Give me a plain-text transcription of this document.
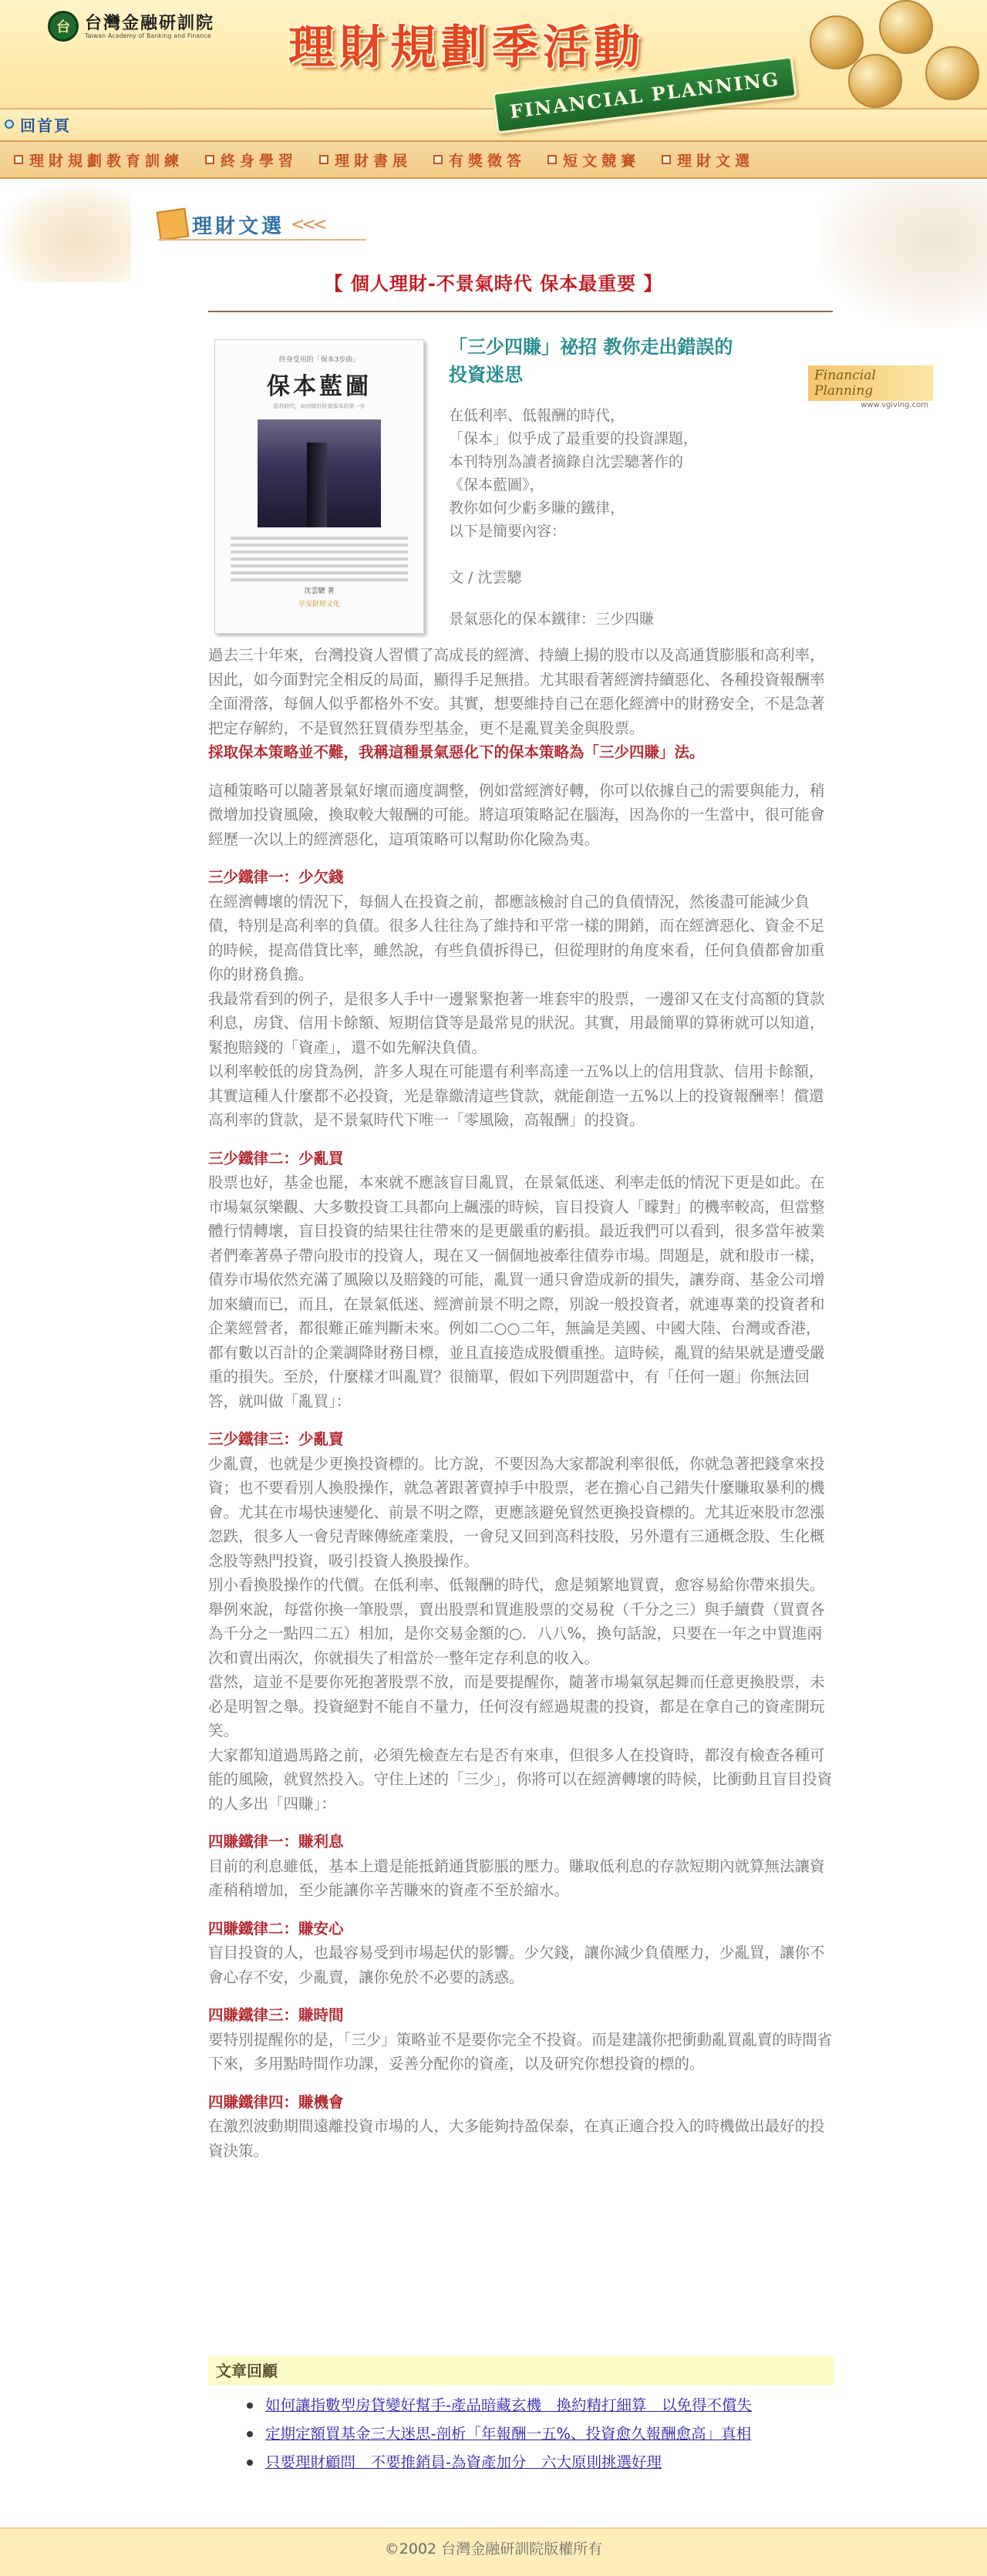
台 台灣金融研訓院
Taiwan Academy of Banking and Finance 理財規劃季活動
FINANCIAL PLANNING
回首頁
理財規劃教育訓練	終身學習	理財書展	有獎徵答	短文競賽	理財文選
Financial Planning
www.vgiving.com
理財文選 <<<
【 個人理財-不景氣時代 保本最重要 】
終身受用的「保本3步曲」
保本藍圖
低利時代，如何做好財富保本的第一步
沈雲驄 著
早安財經文化
「三少四賺」祕招 教你走出錯誤的
投資迷思
在低利率、低報酬的時代，
「保本」似乎成了最重要的投資課題，
本刊特別為讀者摘錄自沈雲驄著作的
《保本藍圖》，
教你如何少虧多賺的鐵律，
以下是簡要內容：
文 / 沈雲驄
景氣惡化的保本鐵律：三少四賺

過去三十年來，台灣投資人習慣了高成長的經濟、持續上揚的股市以及高通貨膨脹和高利率，因此，如今面對完全相反的局面，顯得手足無措。尤其眼看著經濟持續惡化、各種投資報酬率全面滑落，每個人似乎都格外不安。其實，想要維持自己在惡化經濟中的財務安全，不是急著把定存解約，不是貿然狂買債券型基金，更不是亂買美金與股票。

採取保本策略並不難，我稱這種景氣惡化下的保本策略為「三少四賺」法。

這種策略可以隨著景氣好壞而適度調整，例如當經濟好轉，你可以依據自己的需要與能力，稍微增加投資風險，換取較大報酬的可能。將這項策略記在腦海，因為你的一生當中，很可能會經歷一次以上的經濟惡化，這項策略可以幫助你化險為夷。

三少鐵律一：少欠錢

在經濟轉壞的情況下，每個人在投資之前，都應該檢討自己的負債情況，然後盡可能減少負債，特別是高利率的負債。很多人往往為了維持和平常一樣的開銷，而在經濟惡化、資金不足的時候，提高借貸比率，雖然說，有些負債拆得已，但從理財的角度來看，任何負債都會加重你的財務負擔。

我最常看到的例子，是很多人手中一邊緊緊抱著一堆套牢的股票，一邊卻又在支付高額的貸款利息，房貸、信用卡餘額、短期信貸等是最常見的狀況。其實，用最簡單的算術就可以知道，緊抱賠錢的「資產」，還不如先解決負債。

以利率較低的房貸為例，許多人現在可能還有利率高達一五%以上的信用貸款、信用卡餘額，其實這種人什麼都不必投資，光是靠繳清這些貸款，就能創造一五%以上的投資報酬率！償還高利率的貸款，是不景氣時代下唯一「零風險，高報酬」的投資。

三少鐵律二：少亂買

股票也好，基金也罷，本來就不應該盲目亂買，在景氣低迷、利率走低的情況下更是如此。在市場氣氛樂觀、大多數投資工具都向上飆漲的時候，盲目投資人「矇對」的機率較高，但當整體行情轉壞，盲目投資的結果往往帶來的是更嚴重的虧損。最近我們可以看到，很多當年被業者們牽著鼻子帶向股市的投資人，現在又一個個地被牽往債券市場。問題是，就和股市一樣，債券市場依然充滿了風險以及賠錢的可能，亂買一通只會造成新的損失，讓券商、基金公司增加來續而已，而且，在景氣低迷、經濟前景不明之際，別說一般投資者，就連專業的投資者和企業經營者，都很難正確判斷未來。例如二○○二年，無論是美國、中國大陸、台灣或香港，都有數以百計的企業調降財務目標，並且直接造成股價重挫。這時候，亂買的結果就是遭受嚴重的損失。至於，什麼樣才叫亂買？很簡單，假如下列問題當中，有「任何一題」你無法回答，就叫做「亂買」：

三少鐵律三：少亂賣

少亂賣，也就是少更換投資標的。比方說，不要因為大家都說利率很低，你就急著把錢拿來投資；也不要看別人換股操作，就急著跟著賣掉手中股票，老在擔心自己錯失什麼賺取暴利的機會。尤其在市場快速變化、前景不明之際，更應該避免貿然更換投資標的。尤其近來股市忽漲忽跌，很多人一會兒青睞傳統產業股，一會兒又回到高科技股，另外還有三通概念股、生化概念股等熱門投資，吸引投資人換股操作。

別小看換股操作的代價。在低利率、低報酬的時代，愈是頻繁地買賣，愈容易給你帶來損失。舉例來說，每當你換一筆股票，賣出股票和買進股票的交易稅（千分之三）與手續費（買賣各為千分之一點四二五）相加，是你交易金額的○．八八%，換句話說，只要在一年之中買進兩次和賣出兩次，你就損失了相當於一整年定存利息的收入。

當然，這並不是要你死抱著股票不放，而是要提醒你，隨著市場氣氛起舞而任意更換股票，未必是明智之舉。投資絕對不能自不量力，任何沒有經過規畫的投資，都是在拿自己的資產開玩笑。

大家都知道過馬路之前，必須先檢查左右是否有來車，但很多人在投資時，都沒有檢查各種可能的風險，就貿然投入。守住上述的「三少」，你將可以在經濟轉壞的時候，比衝動且盲目投資的人多出「四賺」：

四賺鐵律一：賺利息

目前的利息雖低，基本上還是能抵銷通貨膨脹的壓力。賺取低利息的存款短期內就算無法讓資產稍稍增加，至少能讓你辛苦賺來的資產不至於縮水。

四賺鐵律二：賺安心

盲目投資的人，也最容易受到市場起伏的影響。少欠錢，讓你減少負債壓力，少亂買，讓你不會心存不安，少亂賣，讓你免於不必要的誘惑。

四賺鐵律三：賺時間

要特別提醒你的是，「三少」策略並不是要你完全不投資。而是建議你把衝動亂買亂賣的時間省下來，多用點時間作功課，妥善分配你的資產，以及研究你想投資的標的。

四賺鐵律四：賺機會

在激烈波動期間遠離投資市場的人，大多能夠持盈保泰，在真正適合投入的時機做出最好的投資決策。

文章回顧
如何讓指數型房貸變好幫手-產品暗藏玄機　換約精打細算　以免得不償失
定期定額買基金三大迷思-剖析「年報酬一五%、投資愈久報酬愈高」真相
只要理財顧問　不要推銷員-為資產加分　六大原則挑選好理
©2002 台灣金融研訓院版權所有
